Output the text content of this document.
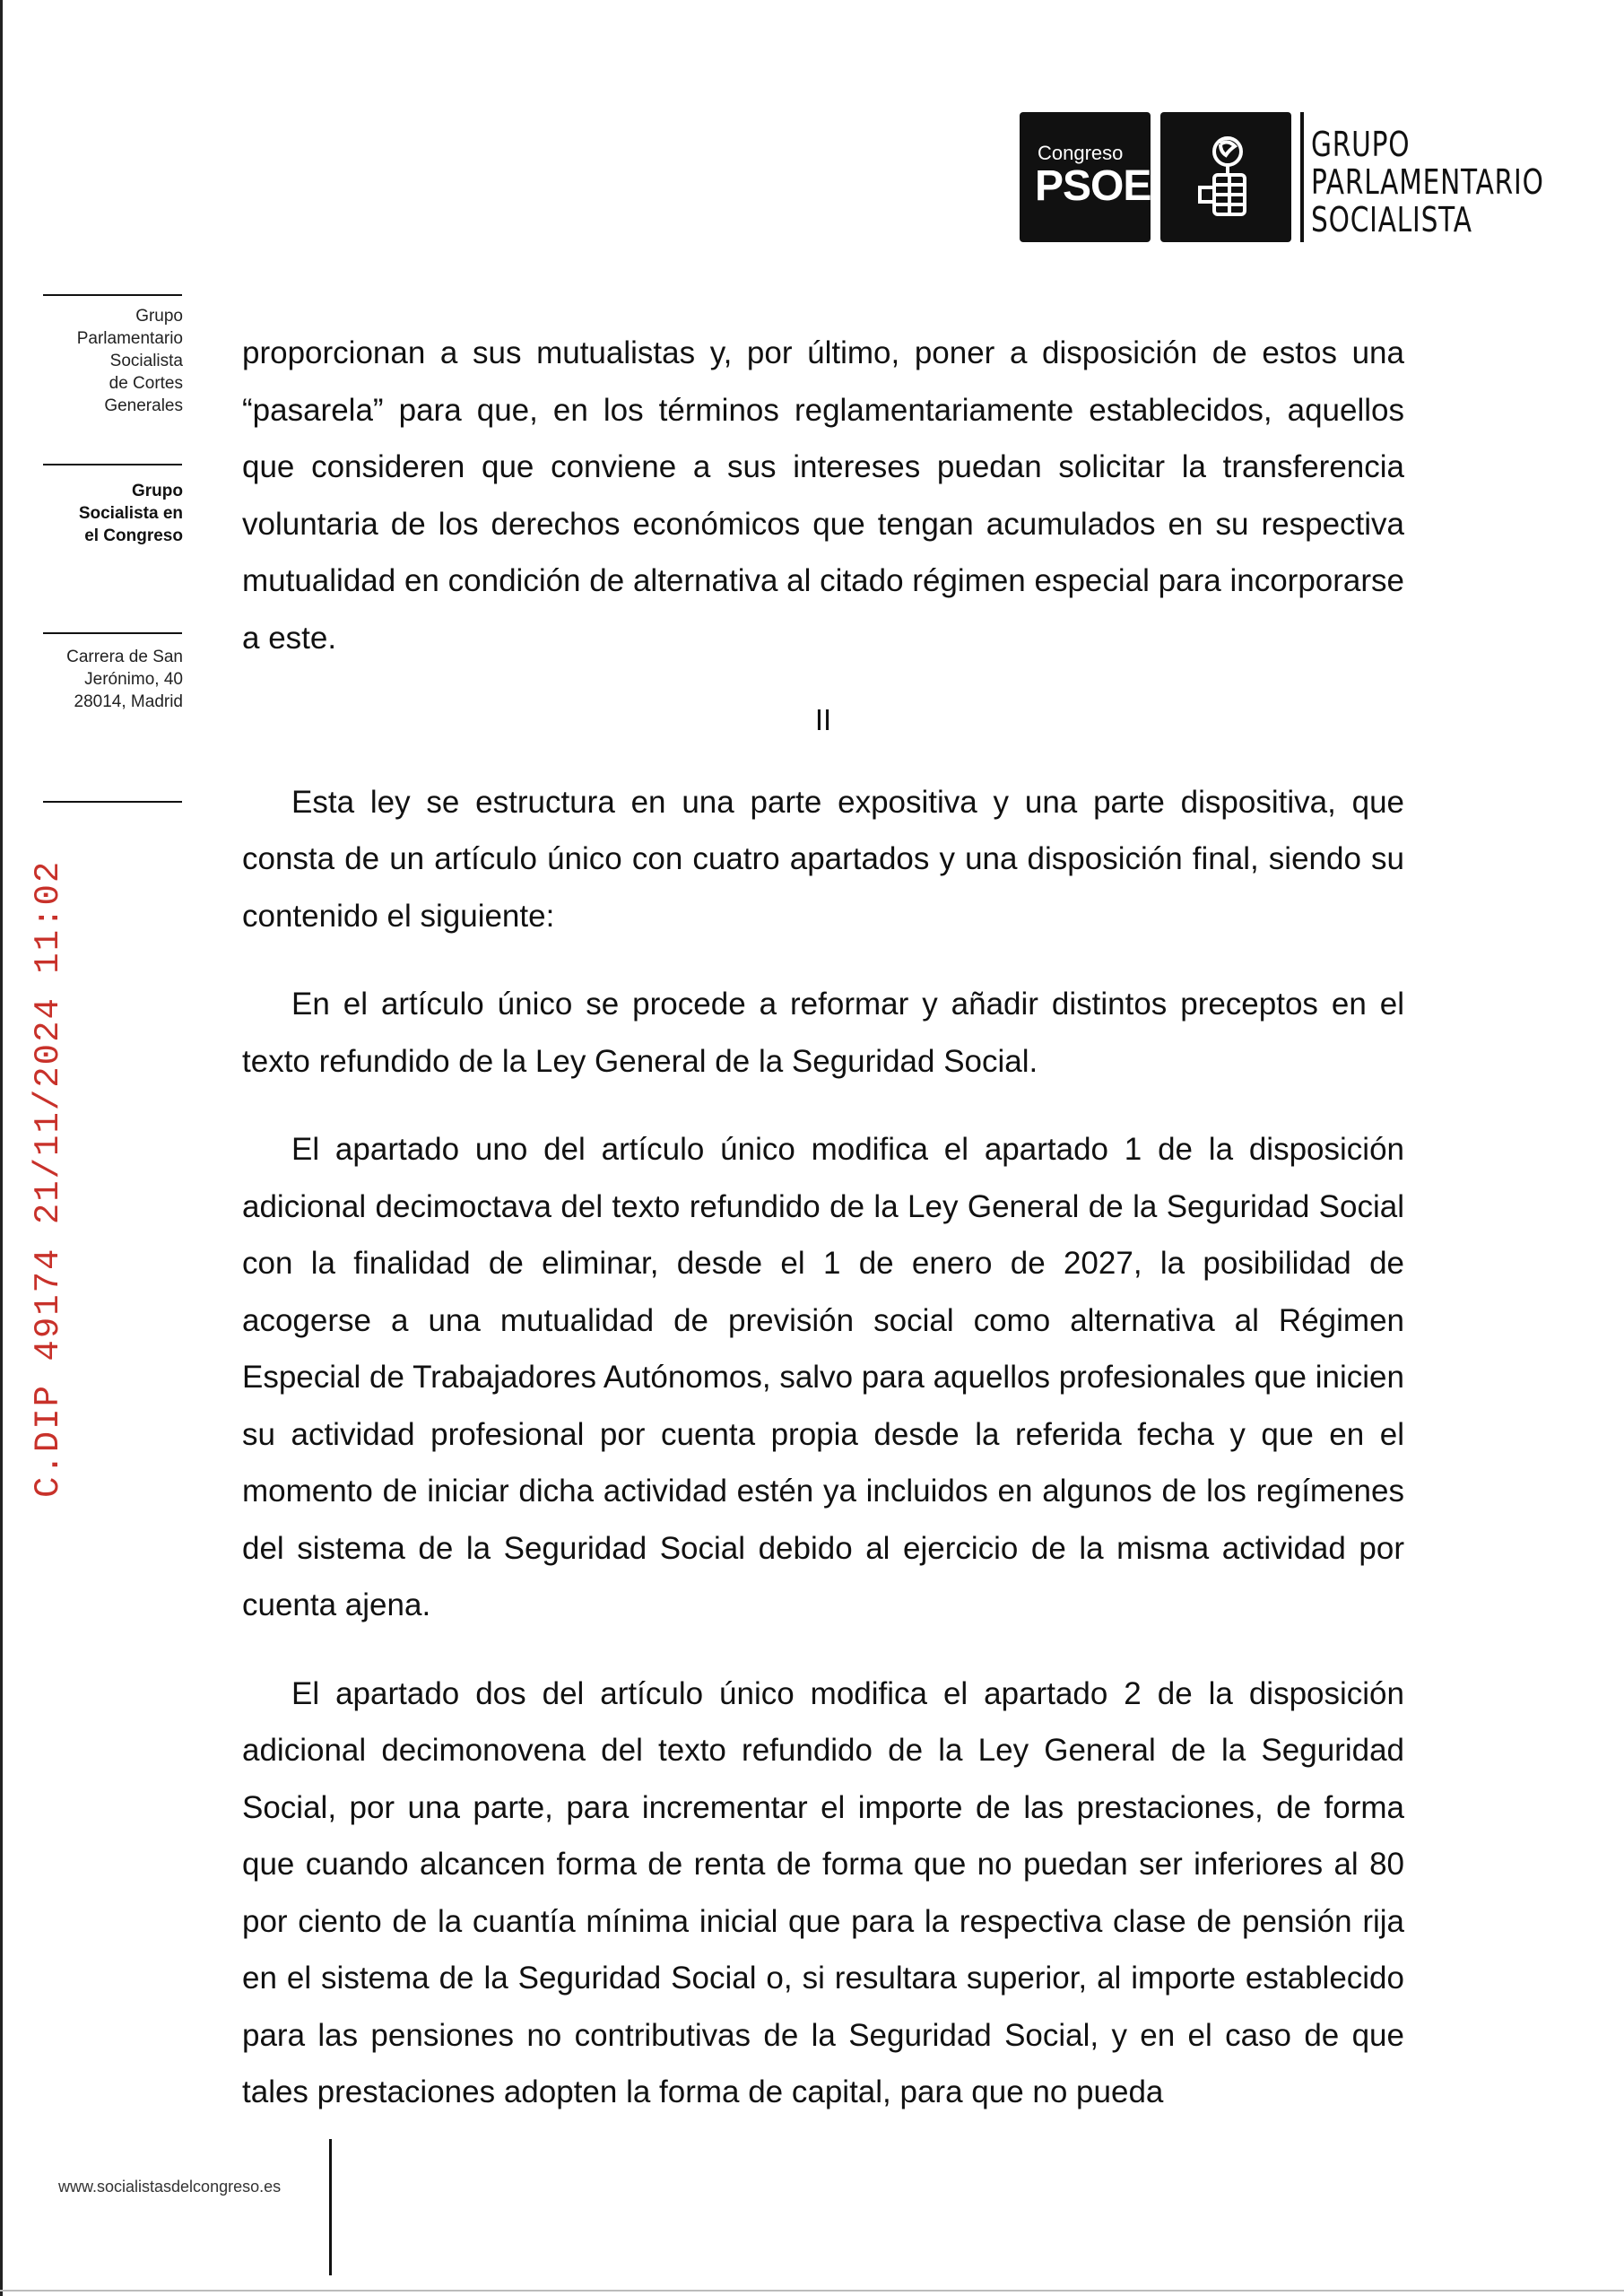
Congreso
PSOE
GRUPO
PARLAMENTARIO
SOCIALISTA
Grupo
Parlamentario
Socialista
de Cortes
Generales
Grupo
Socialista en
el Congreso
Carrera de San
Jerónimo, 40
28014, Madrid
C.DIP 49174 21/11/2024 11:02
www.socialistasdelcongreso.es

proporcionan a sus mutualistas y, por último, poner a disposición de estos una “pasarela” para que, en los términos reglamentariamente establecidos, aquellos que consideren que conviene a sus intereses puedan solicitar la transferencia voluntaria de los derechos económicos que tengan acumulados en su respectiva mutualidad en condición de alternativa al citado régimen especial para incorporarse a este.

II

Esta ley se estructura en una parte expositiva y una parte dispositiva, que consta de un artículo único con cuatro apartados y una disposición final, siendo su contenido el siguiente:

En el artículo único se procede a reformar y añadir distintos preceptos en el texto refundido de la Ley General de la Seguridad Social.

El apartado uno del artículo único modifica el apartado 1 de la disposición adicional decimoctava del texto refundido de la Ley General de la Seguridad Social con la finalidad de eliminar, desde el 1 de enero de 2027, la posibilidad de acogerse a una mutualidad de previsión social como alternativa al Régimen Especial de Trabajadores Autónomos, salvo para aquellos profesionales que inicien su actividad profesional por cuenta propia desde la referida fecha y que en el momento de iniciar dicha actividad estén ya incluidos en algunos de los regímenes del sistema de la Seguridad Social debido al ejercicio de la misma actividad por cuenta ajena.

El apartado dos del artículo único modifica el apartado 2 de la disposición adicional decimonovena del texto refundido de la Ley General de la Seguridad Social, por una parte, para incrementar el importe de las prestaciones, de forma que cuando alcancen forma de renta de forma que no puedan ser inferiores al 80 por ciento de la cuantía mínima inicial que para la respectiva clase de pensión rija en el sistema de la Seguridad Social o, si resultara superior, al importe establecido para las pensiones no contributivas de la Seguridad Social, y en el caso de que tales prestaciones adopten la forma de capital, para que no pueda
